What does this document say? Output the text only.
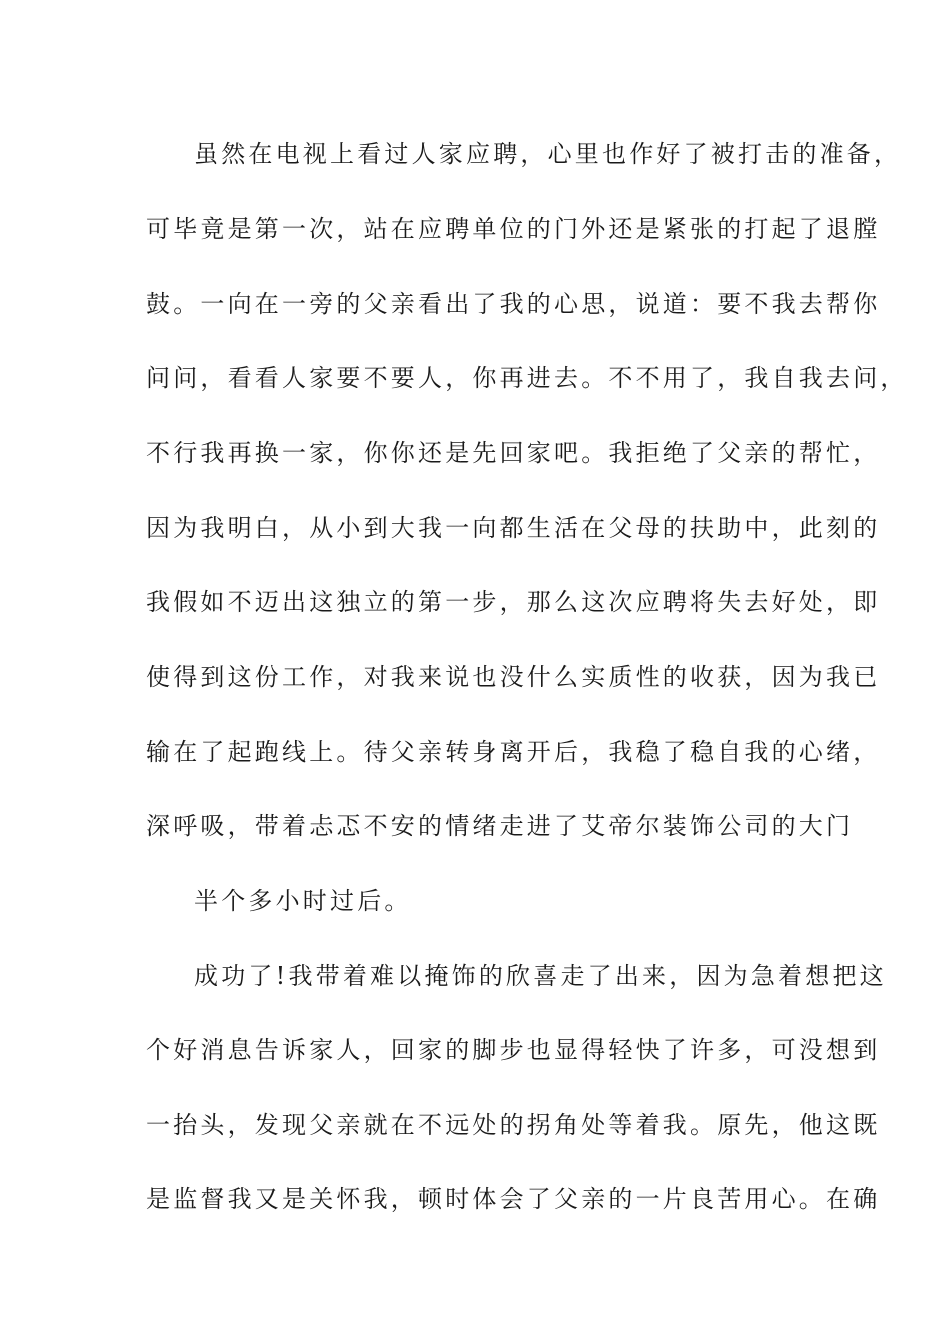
虽然在电视上看过人家应聘，心里也作好了被打击的准备，
可毕竟是第一次，站在应聘单位的门外还是紧张的打起了退膛
鼓。一向在一旁的父亲看出了我的心思，说道：要不我去帮你
问问，看看人家要不要人，你再进去。不不用了，我自我去问，
不行我再换一家，你你还是先回家吧。我拒绝了父亲的帮忙，
因为我明白，从小到大我一向都生活在父母的扶助中，此刻的
我假如不迈出这独立的第一步，那么这次应聘将失去好处，即
使得到这份工作，对我来说也没什么实质性的收获，因为我已
输在了起跑线上。待父亲转身离开后，我稳了稳自我的心绪，
深呼吸，带着忐忑不安的情绪走进了艾帝尔装饰公司的大门
半个多小时过后。
成功了!我带着难以掩饰的欣喜走了出来，因为急着想把这
个好消息告诉家人，回家的脚步也显得轻快了许多，可没想到
一抬头，发现父亲就在不远处的拐角处等着我。原先，他这既
是监督我又是关怀我，顿时体会了父亲的一片良苦用心。在确
